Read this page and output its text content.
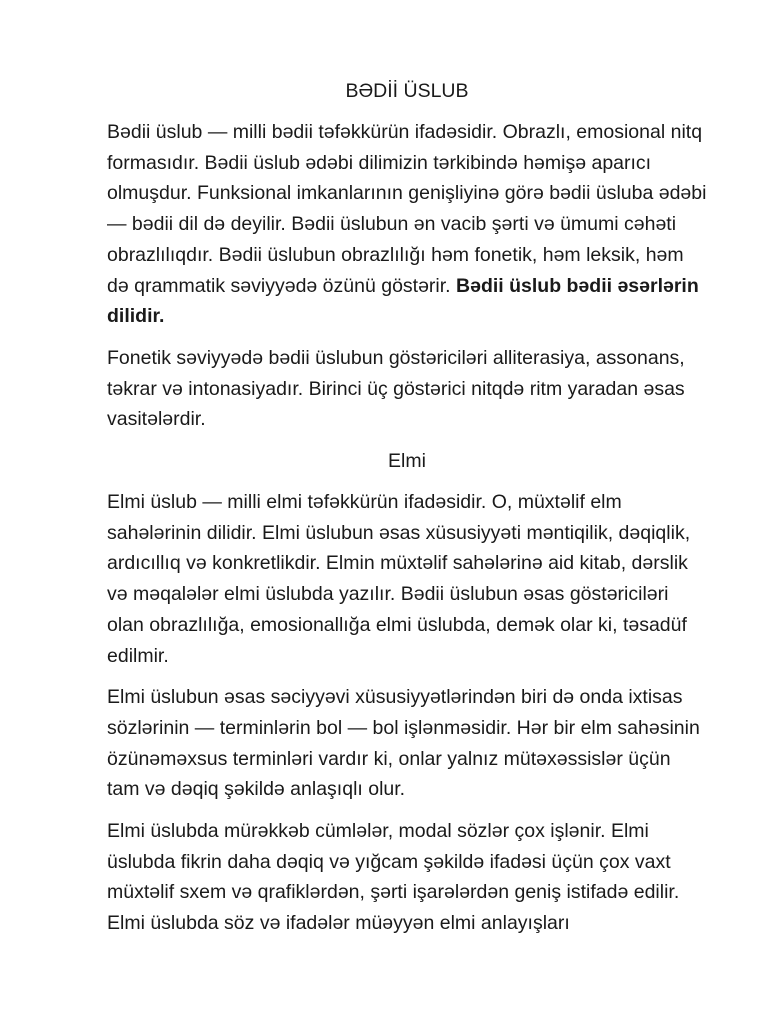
BƏDİİ ÜSLUB

Bədii üslub — milli bədii təfəkkürün ifadəsidir. Obrazlı, emosional nitq formasıdır. Bədii üslub ədəbi dilimizin tərkibində həmişə aparıcı olmuşdur. Funksional imkanlarının genişliyinə görə bədii üsluba ədəbi — bədii dil də deyilir. Bədii üslubun ən vacib şərti və ümumi cəhəti obrazlılıqdır. Bədii üslubun obrazlılığı həm fonetik, həm leksik, həm də qrammatik səviyyədə özünü göstərir. Bədii üslub bədii əsərlərin dilidir.

Fonetik səviyyədə bədii üslubun göstəriciləri alliterasiya, assonans, təkrar və intonasiyadır. Birinci üç göstərici nitqdə ritm yaradan əsas vasitələrdir.

Elmi

Elmi üslub — milli elmi təfəkkürün ifadəsidir. O, müxtəlif elm sahələrinin dilidir. Elmi üslubun əsas xüsusiyyəti məntiqilik, dəqiqlik, ardıcıllıq və konkretlikdir. Elmin müxtəlif sahələrinə aid kitab, dərslik və məqalələr elmi üslubda yazılır. Bədii üslubun əsas göstəriciləri olan obrazlılığa, emosionallığa elmi üslubda, demək olar ki, təsadüf edilmir.

Elmi üslubun əsas səciyyəvi xüsusiyyətlərindən biri də onda ixtisas sözlərinin — terminlərin bol — bol işlənməsidir. Hər bir elm sahəsinin özünəməxsus terminləri vardır ki, onlar yalnız mütəxəssislər üçün tam və dəqiq şəkildə anlaşıqlı olur.

Elmi üslubda mürəkkəb cümlələr, modal sözlər çox işlənir. Elmi üslubda fikrin daha dəqiq və yığcam şəkildə ifadəsi üçün çox vaxt müxtəlif sxem və qrafiklərdən, şərti işarələrdən geniş istifadə edilir. Elmi üslubda söz və ifadələr müəyyən elmi anlayışları
